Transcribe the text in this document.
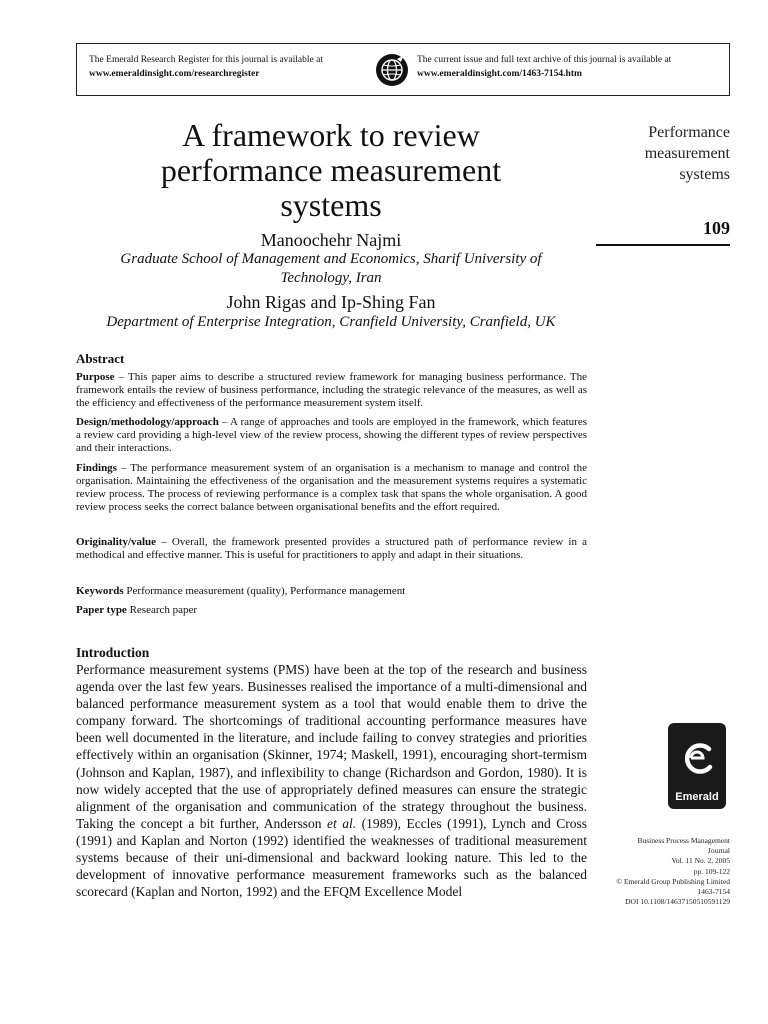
The Emerald Research Register for this journal is available at
www.emeraldinsight.com/researchregister
The current issue and full text archive of this journal is available at
www.emeraldinsight.com/1463-7154.htm
A framework to review
performance measurement
systems
Manoochehr Najmi
Graduate School of Management and Economics, Sharif University of
Technology, Iran
John Rigas and Ip-Shing Fan
Department of Enterprise Integration, Cranfield University, Cranfield, UK
Performance
measurement
systems
109
Abstract
Purpose – This paper aims to describe a structured review framework for managing business performance. The framework entails the review of business performance, including the strategic relevance of the measures, as well as the efficiency and effectiveness of the performance measurement system itself.
Design/methodology/approach – A range of approaches and tools are employed in the framework, which features a review card providing a high-level view of the review process, showing the different types of review perspectives and their interactions.
Findings – The performance measurement system of an organisation is a mechanism to manage and control the organisation. Maintaining the effectiveness of the organisation and the measurement systems requires a systematic review process. The process of reviewing performance is a complex task that spans the whole organisation. A good review process seeks the correct balance between organisational benefits and the effort required.
Originality/value – Overall, the framework presented provides a structured path of performance review in a methodical and effective manner. This is useful for practitioners to apply and adapt in their situations.
Keywords Performance measurement (quality), Performance management
Paper type Research paper
Introduction
Performance measurement systems (PMS) have been at the top of the research and business agenda over the last few years. Businesses realised the importance of a multi-dimensional and balanced performance measurement system as a tool that would enable them to drive the company forward. The shortcomings of traditional accounting performance measures have been well documented in the literature, and include failing to convey strategies and priorities effectively within an organisation (Skinner, 1974; Maskell, 1991), encouraging short-termism (Johnson and Kaplan, 1987), and inflexibility to change (Richardson and Gordon, 1980). It is now widely accepted that the use of appropriately defined measures can ensure the strategic alignment of the organisation and communication of the strategy throughout the business. Taking the concept a bit further, Andersson et al. (1989), Eccles (1991), Lynch and Cross (1991) and Kaplan and Norton (1992) identified the weaknesses of traditional measurement systems because of their uni-dimensional and backward looking nature. This led to the development of innovative performance measurement frameworks such as the balanced scorecard (Kaplan and Norton, 1992) and the EFQM Excellence Model
Emerald
Business Process Management
Journal
Vol. 11 No. 2, 2005
pp. 109-122
© Emerald Group Publishing Limited
1463-7154
DOI 10.1108/14637150510591129
